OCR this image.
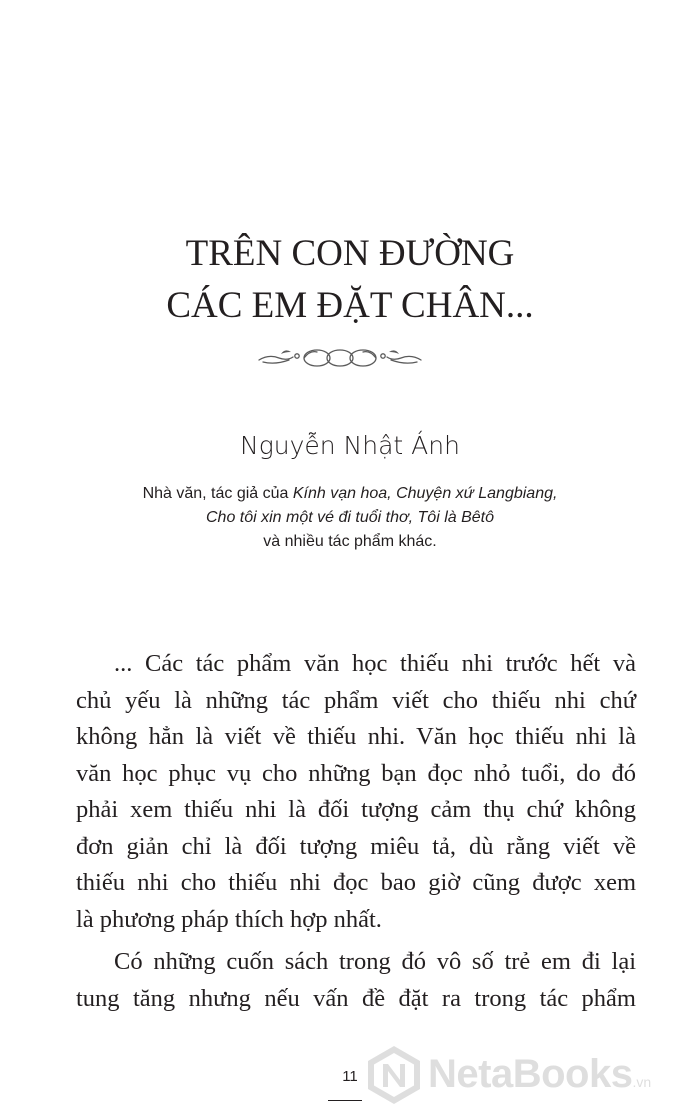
TRÊN CON ĐƯỜNG
CÁC EM ĐẶT CHÂN...
Nguyễn Nhật Ánh
Nhà văn, tác giả của Kính vạn hoa, Chuyện xứ Langbiang,
Cho tôi xin một vé đi tuổi thơ, Tôi là Bêtô
và nhiều tác phẩm khác.
... Các tác phẩm văn học thiếu nhi trước hết và
chủ yếu là những tác phẩm viết cho thiếu nhi chứ
không hẳn là viết về thiếu nhi. Văn học thiếu nhi là
văn học phục vụ cho những bạn đọc nhỏ tuổi, do đó
phải xem thiếu nhi là đối tượng cảm thụ chứ không
đơn giản chỉ là đối tượng miêu tả, dù rằng viết về
thiếu nhi cho thiếu nhi đọc bao giờ cũng được xem
là phương pháp thích hợp nhất.
Có những cuốn sách trong đó vô số trẻ em đi lại
tung tăng nhưng nếu vấn đề đặt ra trong tác phẩm
11	NetaBooks.vn
